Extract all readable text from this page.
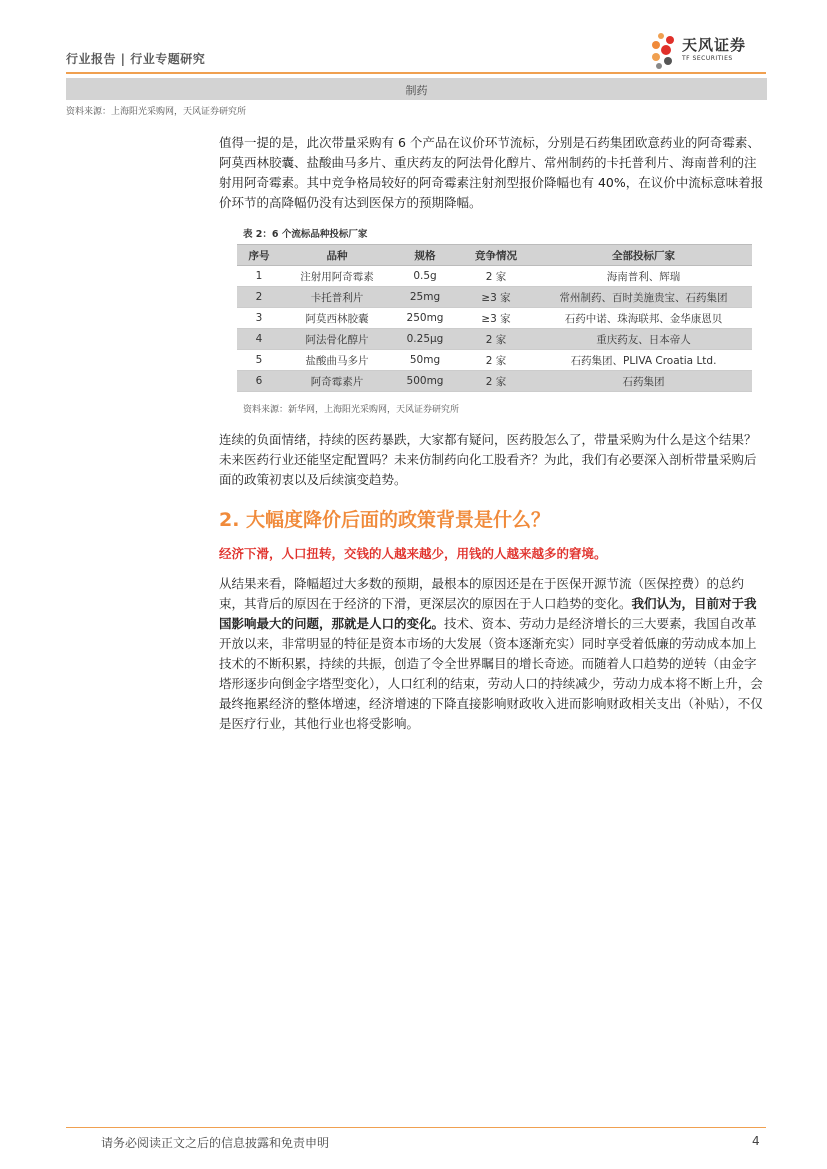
行业报告 | 行业专题研究
天风证券
TF SECURITIES
制药
资料来源：上海阳光采购网，天风证券研究所

值得一提的是，此次带量采购有 6 个产品在议价环节流标，分别是石药集团欧意药业的阿奇霉素、阿莫西林胶囊、盐酸曲马多片、重庆药友的阿法骨化醇片、常州制药的卡托普利片、海南普利的注射用阿奇霉素。其中竞争格局较好的阿奇霉素注射剂型报价降幅也有 40%，在议价中流标意味着报价环节的高降幅仍没有达到医保方的预期降幅。

表 2：6 个流标品种投标厂家
序号	品种	规格	竞争情况	全部投标厂家
1	注射用阿奇霉素	0.5g	2 家	海南普利、辉瑞
2	卡托普利片	25mg	≥3 家	常州制药、百时美施贵宝、石药集团
3	阿莫西林胶囊	250mg	≥3 家	石药中诺、珠海联邦、金华康恩贝
4	阿法骨化醇片	0.25μg	2 家	重庆药友、日本帝人
5	盐酸曲马多片	50mg	2 家	石药集团、PLIVA Croatia Ltd.
6	阿奇霉素片	500mg	2 家	石药集团
资料来源：新华网，上海阳光采购网，天风证券研究所

连续的负面情绪，持续的医药暴跌，大家都有疑问，医药股怎么了，带量采购为什么是这个结果？未来医药行业还能坚定配置吗？未来仿制药向化工股看齐？为此，我们有必要深入剖析带量采购后面的政策初衷以及后续演变趋势。

2. 大幅度降价后面的政策背景是什么？
经济下滑，人口扭转，交钱的人越来越少，用钱的人越来越多的窘境。

从结果来看，降幅超过大多数的预期，最根本的原因还是在于医保开源节流（医保控费）的总约束，其背后的原因在于经济的下滑，更深层次的原因在于人口趋势的变化。我们认为，目前对于我国影响最大的问题，那就是人口的变化。技术、资本、劳动力是经济增长的三大要素，我国自改革开放以来，非常明显的特征是资本市场的大发展（资本逐渐充实）同时享受着低廉的劳动成本加上技术的不断积累，持续的共振，创造了令全世界瞩目的增长奇迹。而随着人口趋势的逆转（由金字塔形逐步向倒金字塔型变化），人口红利的结束，劳动人口的持续减少，劳动力成本将不断上升，会最终拖累经济的整体增速，经济增速的下降直接影响财政收入进而影响财政相关支出（补贴），不仅是医疗行业，其他行业也将受影响。

请务必阅读正文之后的信息披露和免责申明	4
